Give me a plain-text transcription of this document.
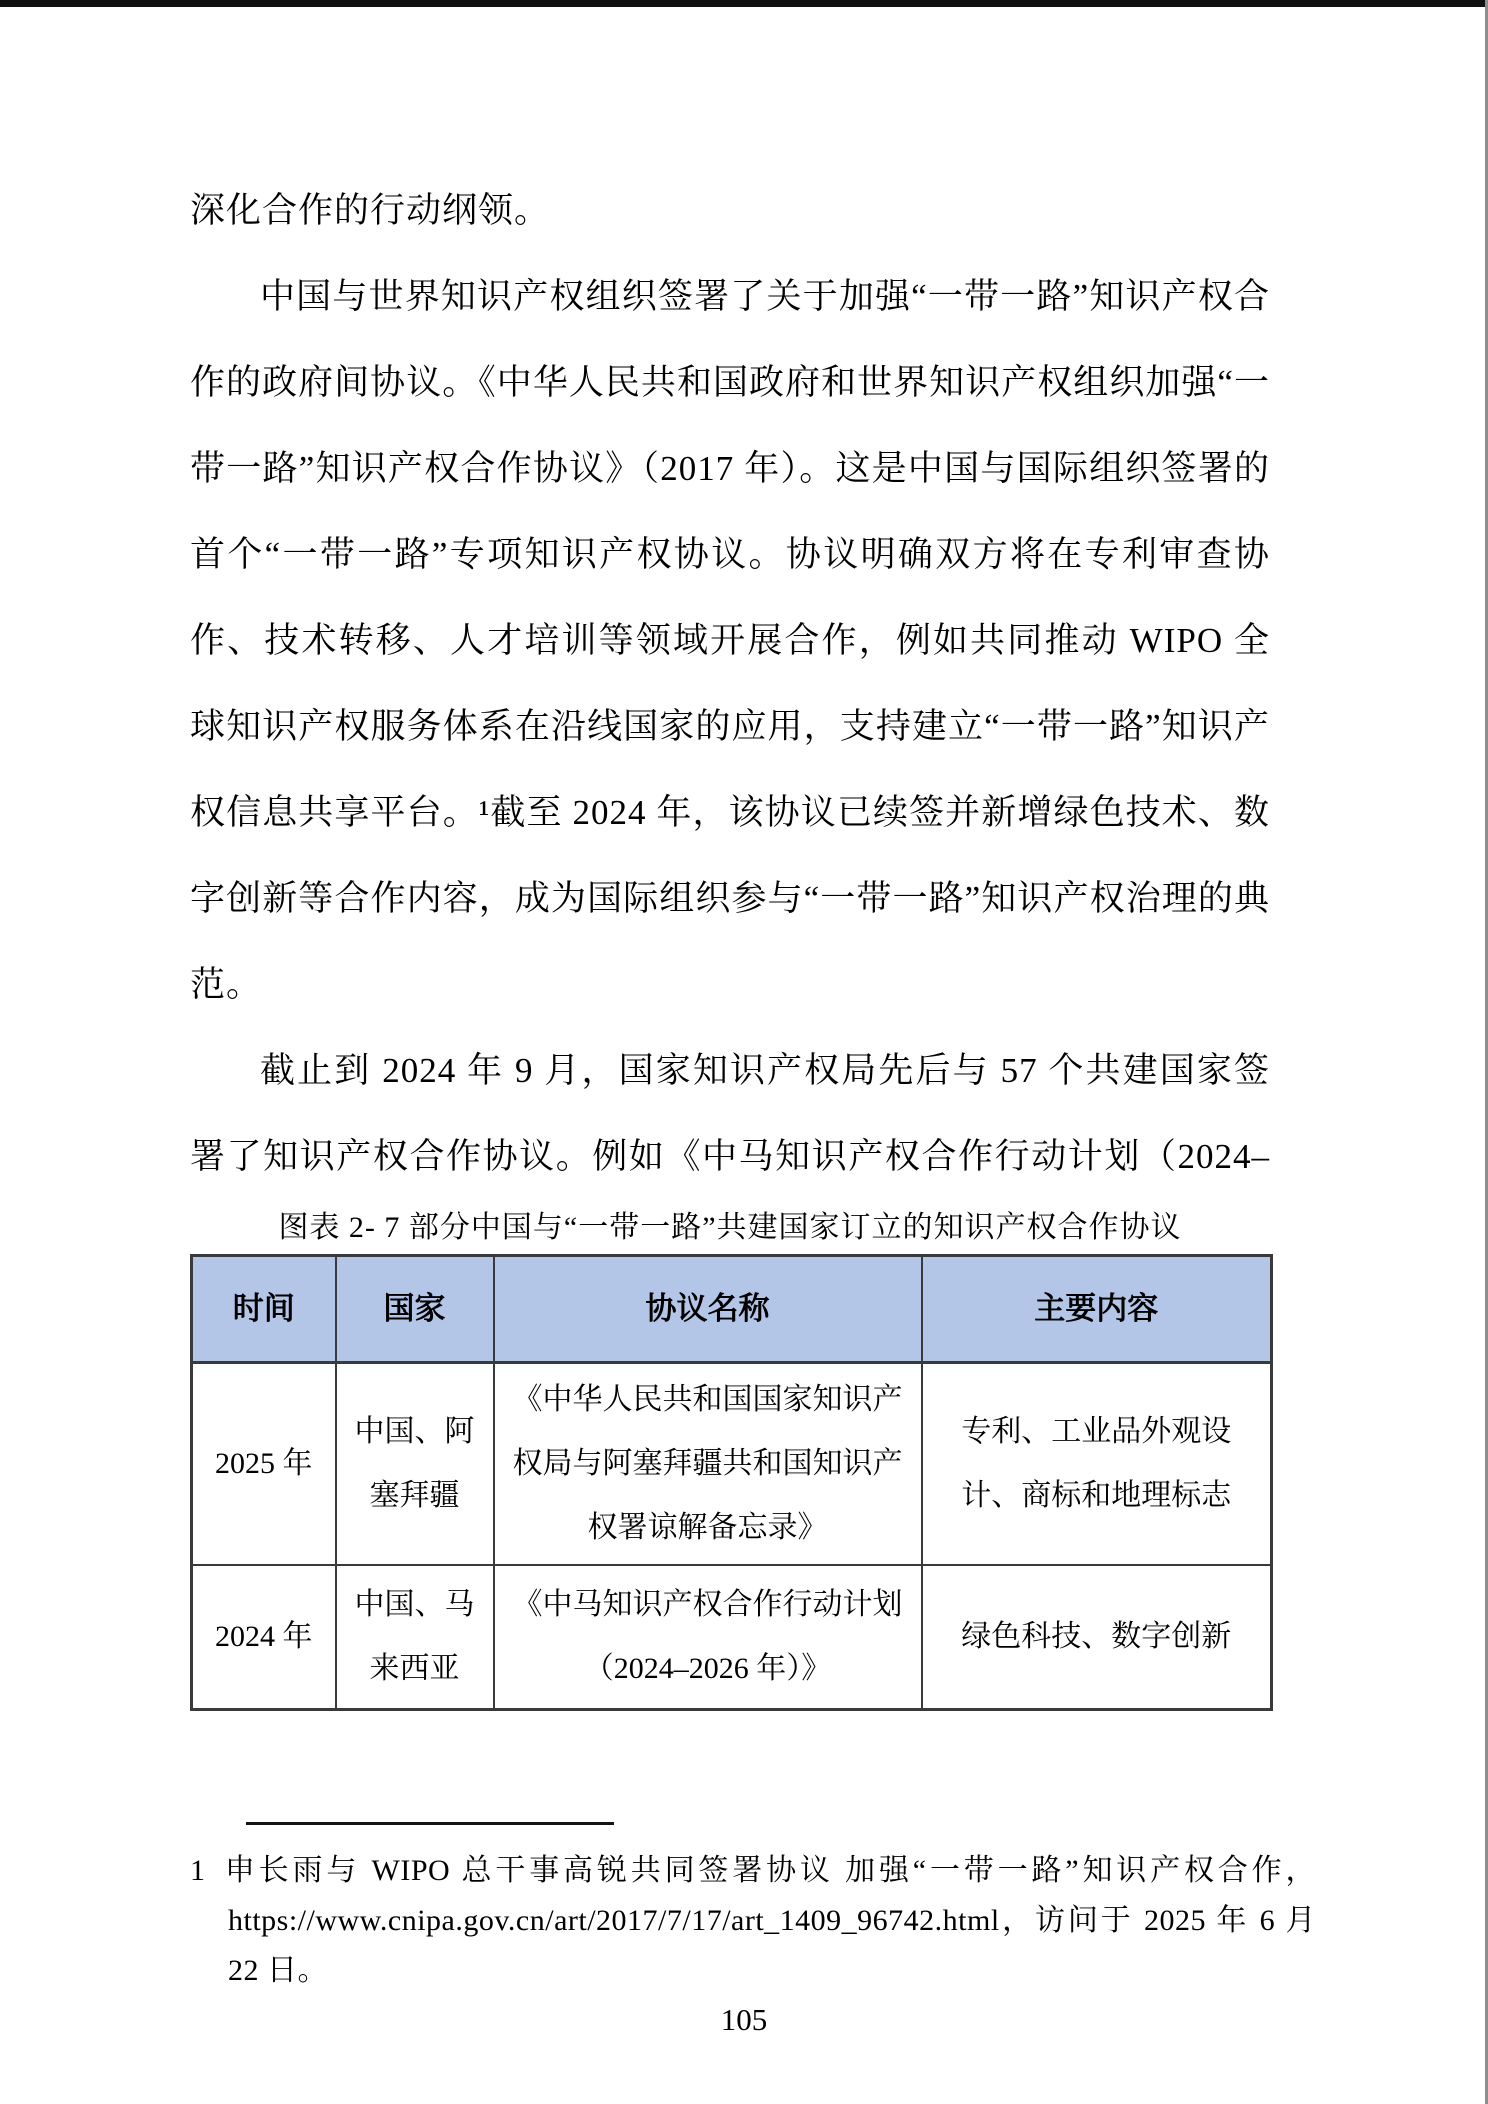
深化合作的行动纲领。

中国与世界知识产权组织签署了关于加强“一带一路”知识产权合作的政府间协议。《中华人民共和国政府和世界知识产权组织加强“一带一路”知识产权合作协议》（2017 年）。这是中国与国际组织签署的首个“一带一路”专项知识产权协议。协议明确双方将在专利审查协作、技术转移、人才培训等领域开展合作，例如共同推动 WIPO 全球知识产权服务体系在沿线国家的应用，支持建立“一带一路”知识产权信息共享平台。¹截至 2024 年，该协议已续签并新增绿色技术、数字创新等合作内容，成为国际组织参与“一带一路”知识产权治理的典范。

截止到 2024 年 9 月，国家知识产权局先后与 57 个共建国家签署了知识产权合作协议。例如《中马知识产权合作行动计划（2024–

图表 2- 7 部分中国与“一带一路”共建国家订立的知识产权合作协议
时间	国家	协议名称	主要内容
2025 年	中国、阿塞拜疆	《中华人民共和国国家知识产权局与阿塞拜疆共和国知识产权署谅解备忘录》	专利、工业品外观设计、商标和地理标志
2024 年	中国、马来西亚	《中马知识产权合作行动计划（2024–2026 年）》	绿色科技、数字创新
1 申长雨与 WIPO 总干事高锐共同签署协议 加强“一带一路”知识产权合作，https://www.cnipa.gov.cn/art/2017/7/17/art_1409_96742.html，访问于 2025 年 6 月 22 日。
105
